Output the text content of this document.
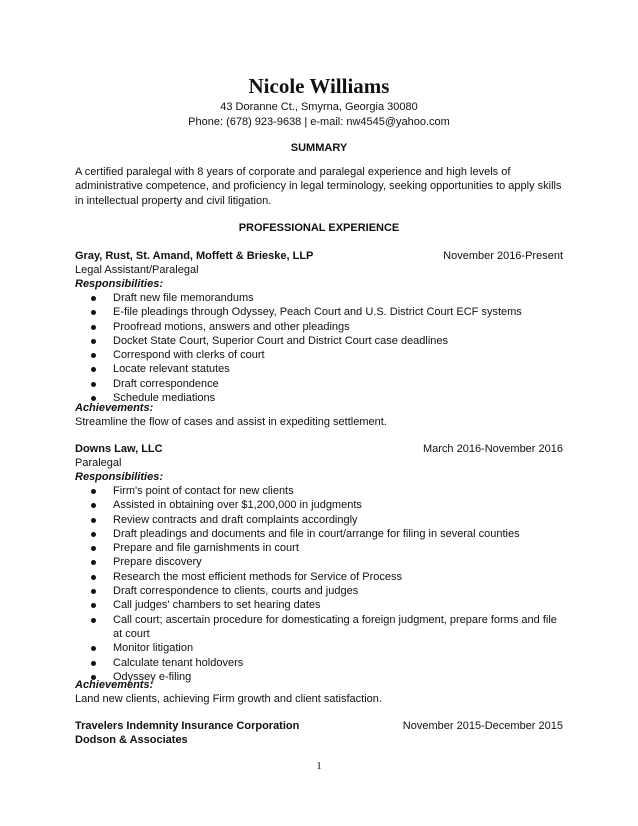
Nicole Williams
43 Doranne Ct., Smyrna, Georgia 30080
Phone: (678) 923-9638 | e-mail: nw4545@yahoo.com
SUMMARY
A certified paralegal with 8 years of corporate and paralegal experience and high levels of administrative competence, and proficiency in legal terminology, seeking opportunities to apply skills in intellectual property and civil litigation.
PROFESSIONAL EXPERIENCE
Gray, Rust, St. Amand, Moffett & Brieske, LLP	November 2016-Present
Legal Assistant/Paralegal
Responsibilities:
Draft new file memorandums
E-file pleadings through Odyssey, Peach Court and U.S. District Court ECF systems
Proofread motions, answers and other pleadings
Docket State Court, Superior Court and District Court case deadlines
Correspond with clerks of court
Locate relevant statutes
Draft correspondence
Schedule mediations
Achievements:
Streamline the flow of cases and assist in expediting settlement.
Downs Law, LLC	March 2016-November 2016
Paralegal
Responsibilities:
Firm's point of contact for new clients
Assisted in obtaining over $1,200,000 in judgments
Review contracts and draft complaints accordingly
Draft pleadings and documents and file in court/arrange for filing in several counties
Prepare and file garnishments in court
Prepare discovery
Research the most efficient methods for Service of Process
Draft correspondence to clients, courts and judges
Call judges' chambers to set hearing dates
Call court; ascertain procedure for domesticating a foreign judgment, prepare forms and file at court
Monitor litigation
Calculate tenant holdovers
Odyssey e-filing
Achievements:
Land new clients, achieving Firm growth and client satisfaction.
Travelers Indemnity Insurance Corporation	November 2015-December 2015
Dodson & Associates
1
